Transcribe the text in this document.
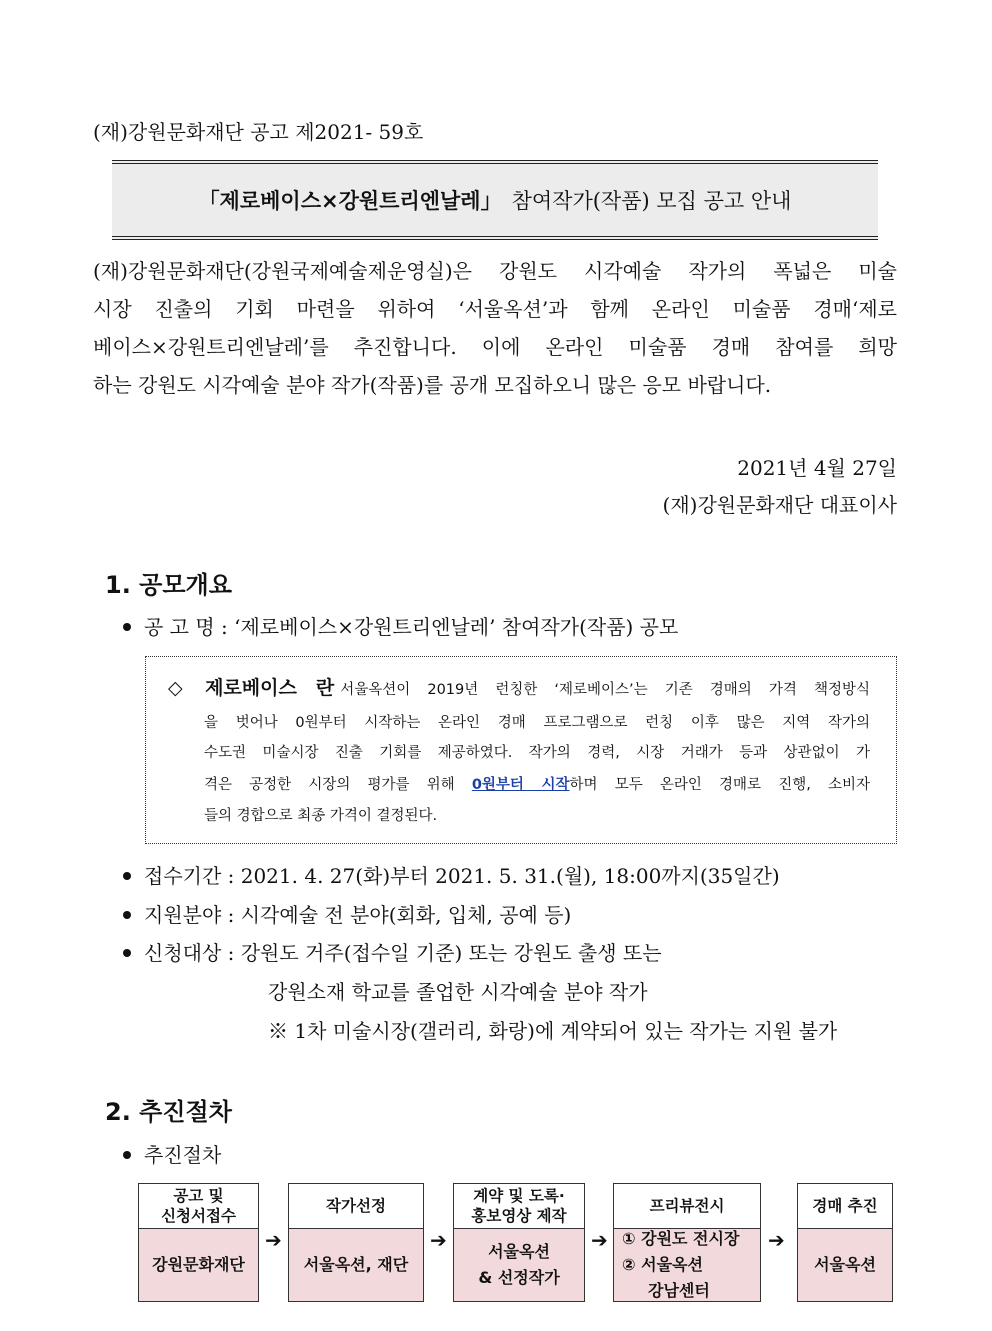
(재)강원문화재단 공고 제2021- 59호
「제로베이스×강원트리엔날레」 참여작가(작품) 모집 공고 안내
(재)강원문화재단(강원국제예술제운영실)은 강원도 시각예술 작가의 폭넓은 미술
시장 진출의 기회 마련을 위하여 ‘서울옥션’과 함께 온라인 미술품 경매‘제로
베이스×강원트리엔날레’를 추진합니다. 이에 온라인 미술품 경매 참여를 희망
하는 강원도 시각예술 분야 작가(작품)를 공개 모집하오니 많은 응모 바랍니다.
2021년 4월 27일
(재)강원문화재단 대표이사
1. 공모개요
공 고 명 : ‘제로베이스×강원트리엔날레’ 참여작가(작품) 공모
◇ 제로베이스 란 서울옥션이 2019년 런칭한 ‘제로베이스’는 기존 경매의 가격 책정방식
을 벗어나 0원부터 시작하는 온라인 경매 프로그램으로 런칭 이후 많은 지역 작가의
수도권 미술시장 진출 기회를 제공하였다. 작가의 경력, 시장 거래가 등과 상관없이 가
격은 공정한 시장의 평가를 위해 0원부터 시작하며 모두 온라인 경매로 진행, 소비자
들의 경합으로 최종 가격이 결정된다.
접수기간 : 2021. 4. 27(화)부터 2021. 5. 31.(월), 18:00까지(35일간)
지원분야 : 시각예술 전 분야(회화, 입체, 공예 등)
신청대상 : 강원도 거주(접수일 기준) 또는 강원도 출생 또는
강원소재 학교를 졸업한 시각예술 분야 작가
※ 1차 미술시장(갤러리, 화랑)에 계약되어 있는 작가는 지원 불가
2. 추진절차
추진절차
공고 및
신청서접수
강원문화재단
➔
작가선정
서울옥션, 재단
➔
계약 및 도록·
홍보영상 제작
서울옥션
& 선정작가
➔
프리뷰전시
① 강원도 전시장
② 서울옥션
강남센터
➔
경매 추진
서울옥션
